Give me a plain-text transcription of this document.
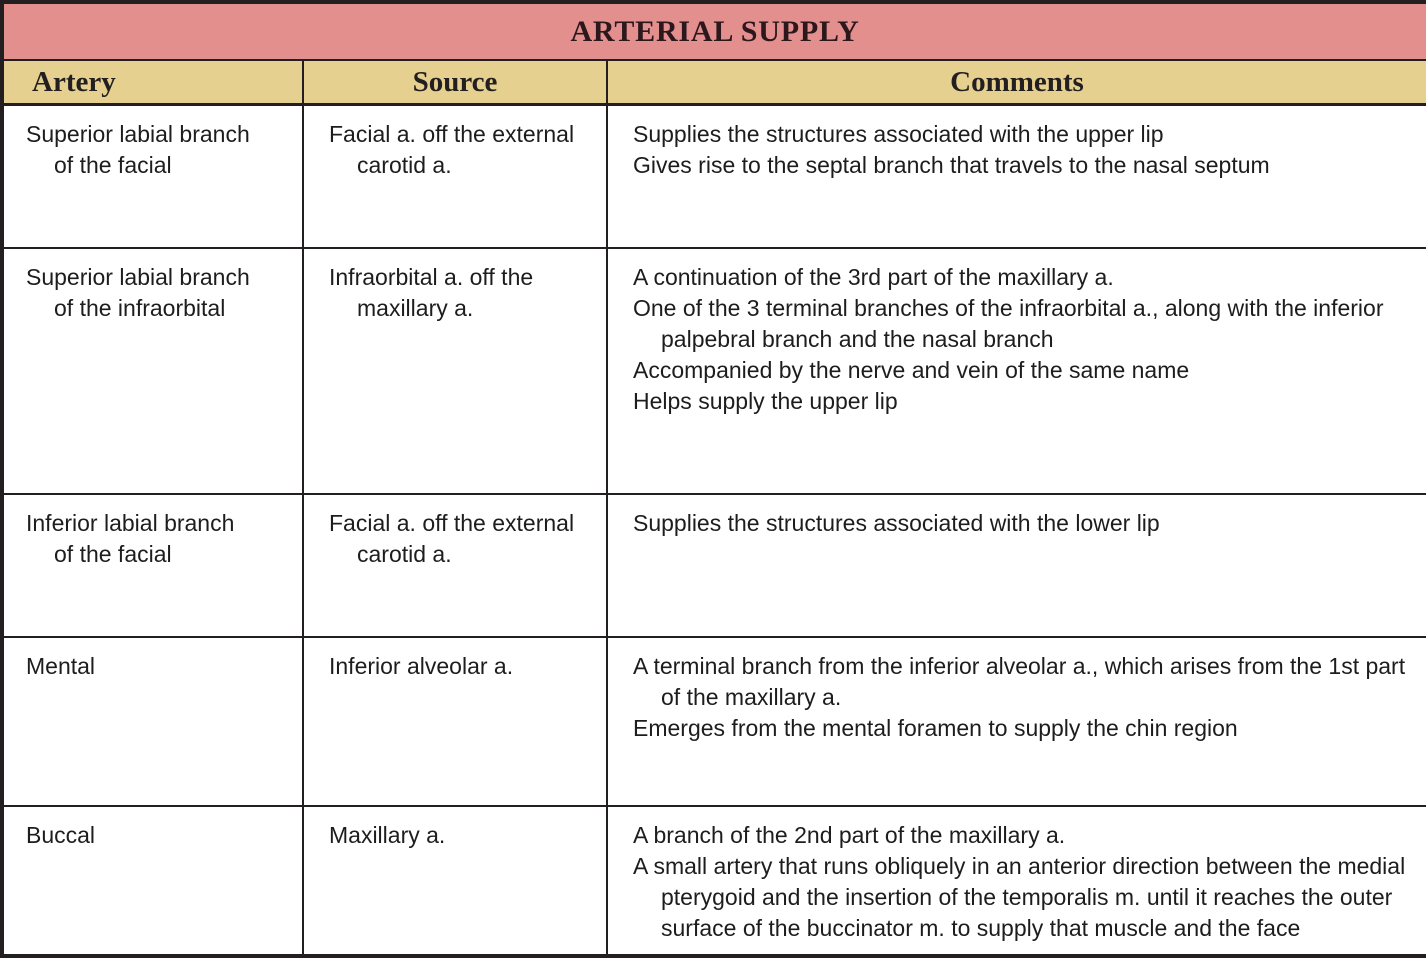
ARTERIAL SUPPLY		
Artery	Source	Comments

Superior labial branch of the facial	Facial a. off the external carotid a.	Supplies the structures associated with the upper lip

Gives rise to the septal branch that travels to the nasal septum

Superior labial branch of the infraorbital	Infraorbital a. off the maxillary a.	A continuation of the 3rd part of the maxillary a.

One of the 3 terminal branches of the infraorbital a., along with the inferior palpebral branch and the nasal branch

Accompanied by the nerve and vein of the same name

Helps supply the upper lip

Inferior labial branch of the facial	Facial a. off the external carotid a.	Supplies the structures associated with the lower lip

Mental	Inferior alveolar a.	A terminal branch from the inferior alveolar a., which arises from the 1st part of the maxillary a.

Emerges from the mental foramen to supply the chin region

Buccal	Maxillary a.	A branch of the 2nd part of the maxillary a.

A small artery that runs obliquely in an anterior direction between the medial pterygoid and the insertion of the temporalis m. until it reaches the outer surface of the buccinator m. to supply that muscle and the face
